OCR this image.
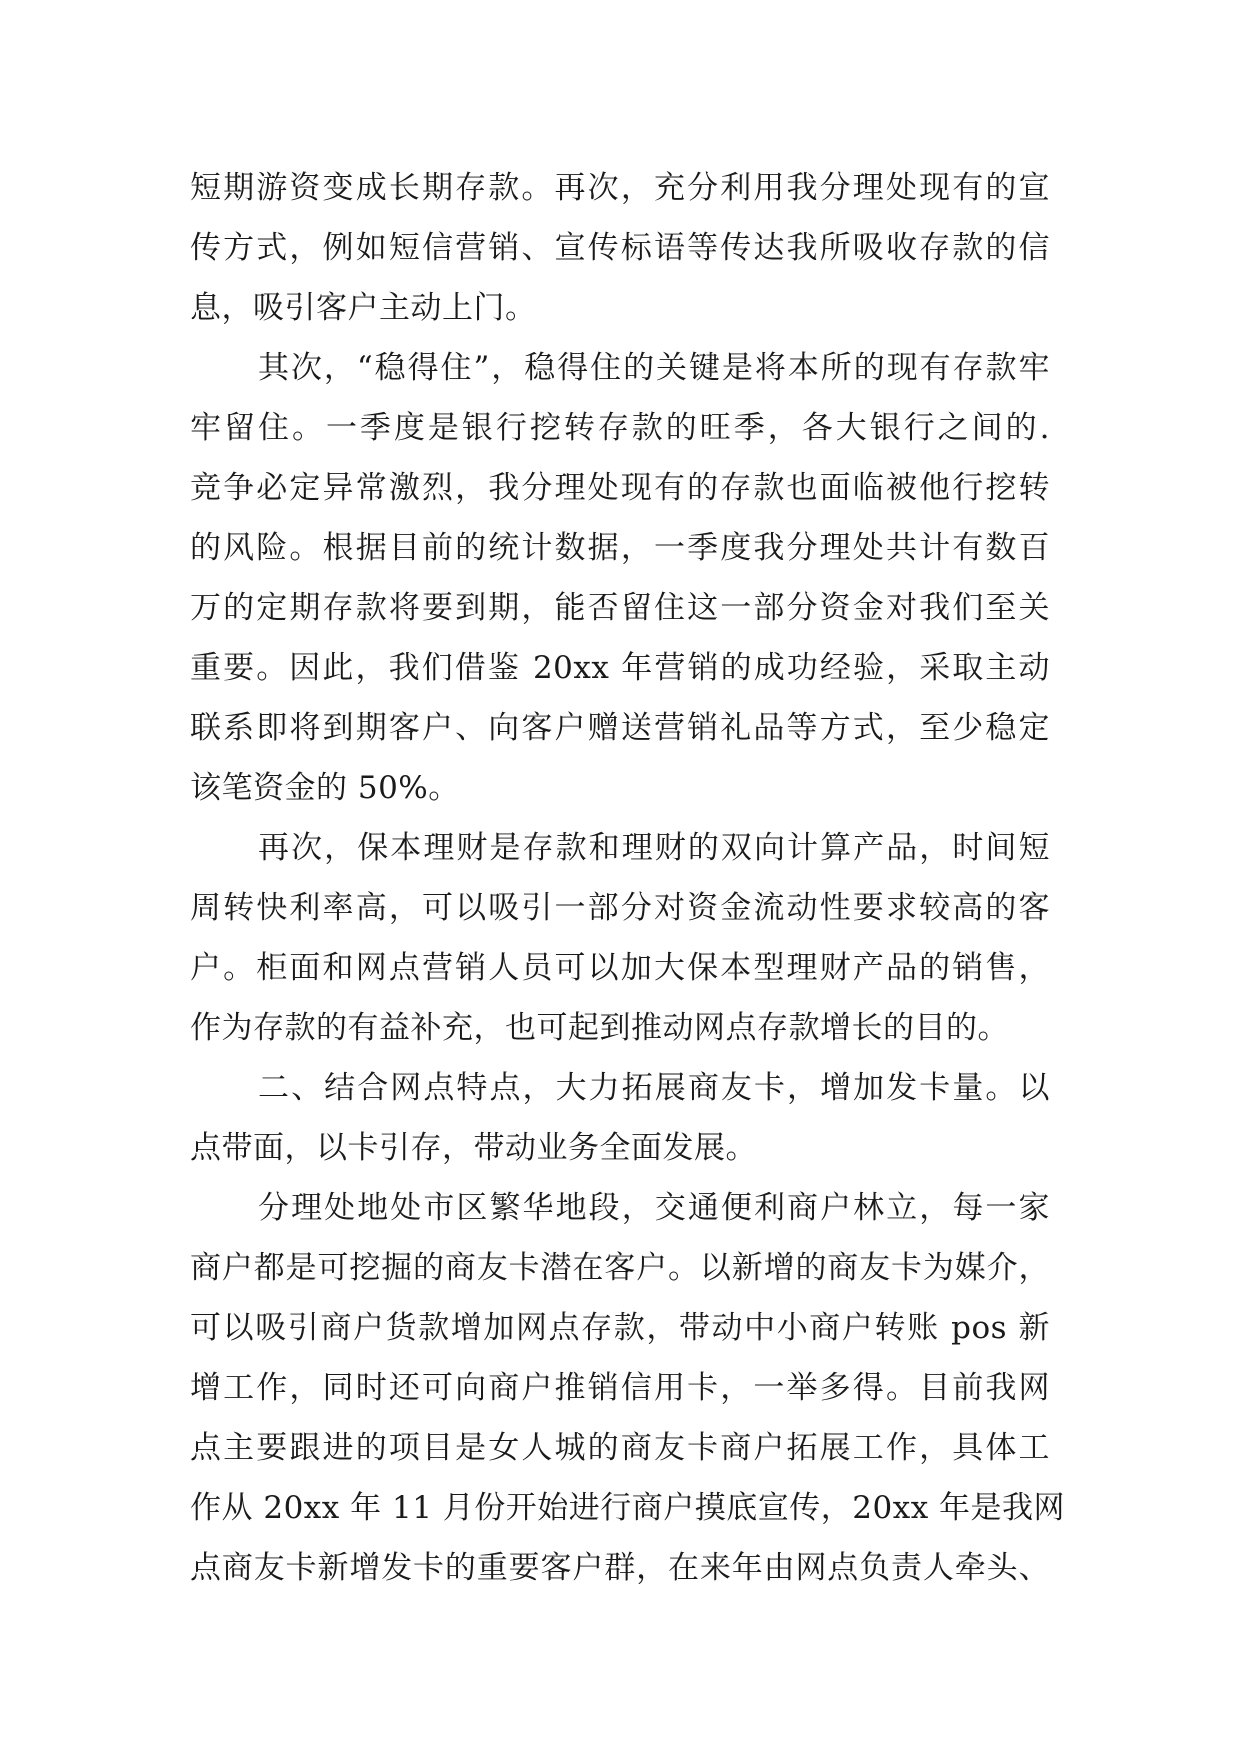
短期游资变成长期存款。再次，充分利用我分理处现有的宣
传方式，例如短信营销、宣传标语等传达我所吸收存款的信
息，吸引客户主动上门。
其次，“稳得住”，稳得住的关键是将本所的现有存款牢
牢留住。一季度是银行挖转存款的旺季，各大银行之间的.
竞争必定异常激烈，我分理处现有的存款也面临被他行挖转
的风险。根据目前的统计数据，一季度我分理处共计有数百
万的定期存款将要到期，能否留住这一部分资金对我们至关
重要。因此，我们借鉴 20xx 年营销的成功经验，采取主动
联系即将到期客户、向客户赠送营销礼品等方式，至少稳定
该笔资金的 50%。
再次，保本理财是存款和理财的双向计算产品，时间短
周转快利率高，可以吸引一部分对资金流动性要求较高的客
户。柜面和网点营销人员可以加大保本型理财产品的销售，
作为存款的有益补充，也可起到推动网点存款增长的目的。
二、结合网点特点，大力拓展商友卡，增加发卡量。以
点带面，以卡引存，带动业务全面发展。
分理处地处市区繁华地段，交通便利商户林立，每一家
商户都是可挖掘的商友卡潜在客户。以新增的商友卡为媒介，
可以吸引商户货款增加网点存款，带动中小商户转账 pos 新
增工作，同时还可向商户推销信用卡，一举多得。目前我网
点主要跟进的项目是女人城的商友卡商户拓展工作，具体工
作从 20xx 年 11 月份开始进行商户摸底宣传，20xx 年是我网
点商友卡新增发卡的重要客户群，在来年由网点负责人牵头、
